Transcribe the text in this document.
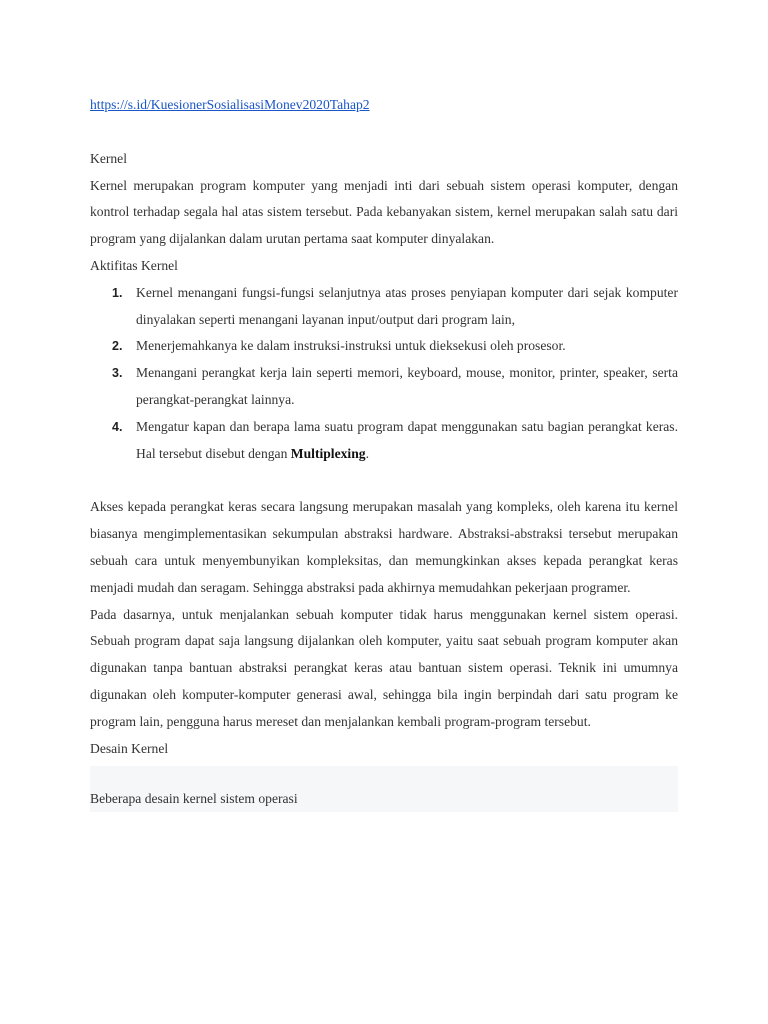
https://s.id/KuesionerSosialisasiMonev2020Tahap2

Kernel

Kernel merupakan program komputer yang menjadi inti dari sebuah sistem operasi komputer, dengan kontrol terhadap segala hal atas sistem tersebut. Pada kebanyakan sistem, kernel merupakan salah satu dari program yang dijalankan dalam urutan pertama saat komputer dinyalakan.

Aktifitas Kernel

1. Kernel menangani fungsi-fungsi selanjutnya atas proses penyiapan komputer dari sejak komputer dinyalakan seperti menangani layanan input/output dari program lain,
2. Menerjemahkanya ke dalam instruksi-instruksi untuk dieksekusi oleh prosesor.
3. Menangani perangkat kerja lain seperti memori, keyboard, mouse, monitor, printer, speaker, serta perangkat-perangkat lainnya.
4. Mengatur kapan dan berapa lama suatu program dapat menggunakan satu bagian perangkat keras. Hal tersebut disebut dengan Multiplexing.

Akses kepada perangkat keras secara langsung merupakan masalah yang kompleks, oleh karena itu kernel biasanya mengimplementasikan sekumpulan abstraksi hardware. Abstraksi-abstraksi tersebut merupakan sebuah cara untuk menyembunyikan kompleksitas, dan memungkinkan akses kepada perangkat keras menjadi mudah dan seragam. Sehingga abstraksi pada akhirnya memudahkan pekerjaan programer.

Pada dasarnya, untuk menjalankan sebuah komputer tidak harus menggunakan kernel sistem operasi. Sebuah program dapat saja langsung dijalankan oleh komputer, yaitu saat sebuah program komputer akan digunakan tanpa bantuan abstraksi perangkat keras atau bantuan sistem operasi. Teknik ini umumnya digunakan oleh komputer-komputer generasi awal, sehingga bila ingin berpindah dari satu program ke program lain, pengguna harus mereset dan menjalankan kembali program-program tersebut.

Desain Kernel

Beberapa desain kernel sistem operasi
